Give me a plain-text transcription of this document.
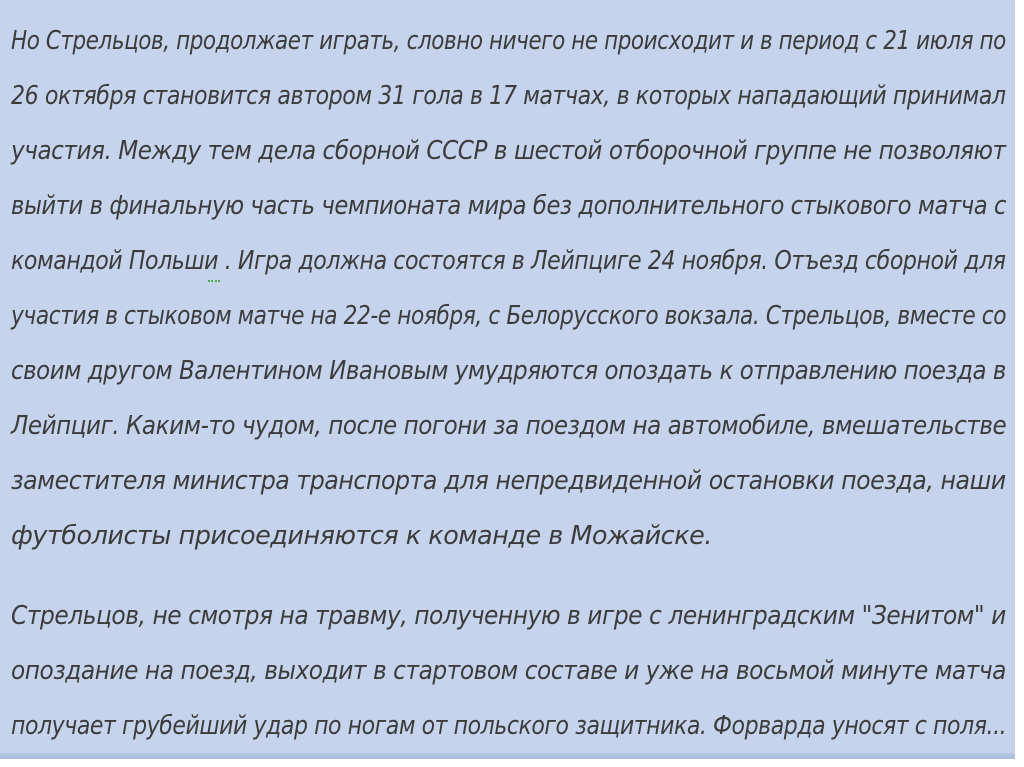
Но Стрельцов, продолжает играть, словно ничего не происходит и в период с 21 июля по
26 октября становится автором 31 гола в 17 матчах, в которых нападающий принимал
участия. Между тем дела сборной СССР в шестой отборочной группе не позволяют
выйти в финальную часть чемпионата мира без дополнительного стыкового матча с
командой Польши . Игра должна состоятся в Лейпциге 24 ноября. Отъезд сборной для
участия в стыковом матче на 22-е ноября, с Белорусского вокзала. Стрельцов, вместе со
своим другом Валентином Ивановым умудряются опоздать к отправлению поезда в
Лейпциг. Каким-то чудом, после погони за поездом на автомобиле, вмешательстве
заместителя министра транспорта для непредвиденной остановки поезда, наши
футболисты присоединяются к команде в Можайске.
Стрельцов, не смотря на травму, полученную в игре с ленинградским "Зенитом" и
опоздание на поезд, выходит в стартовом составе и уже на восьмой минуте матча
получает грубейший удар по ногам от польского защитника. Форварда уносят с поля...
